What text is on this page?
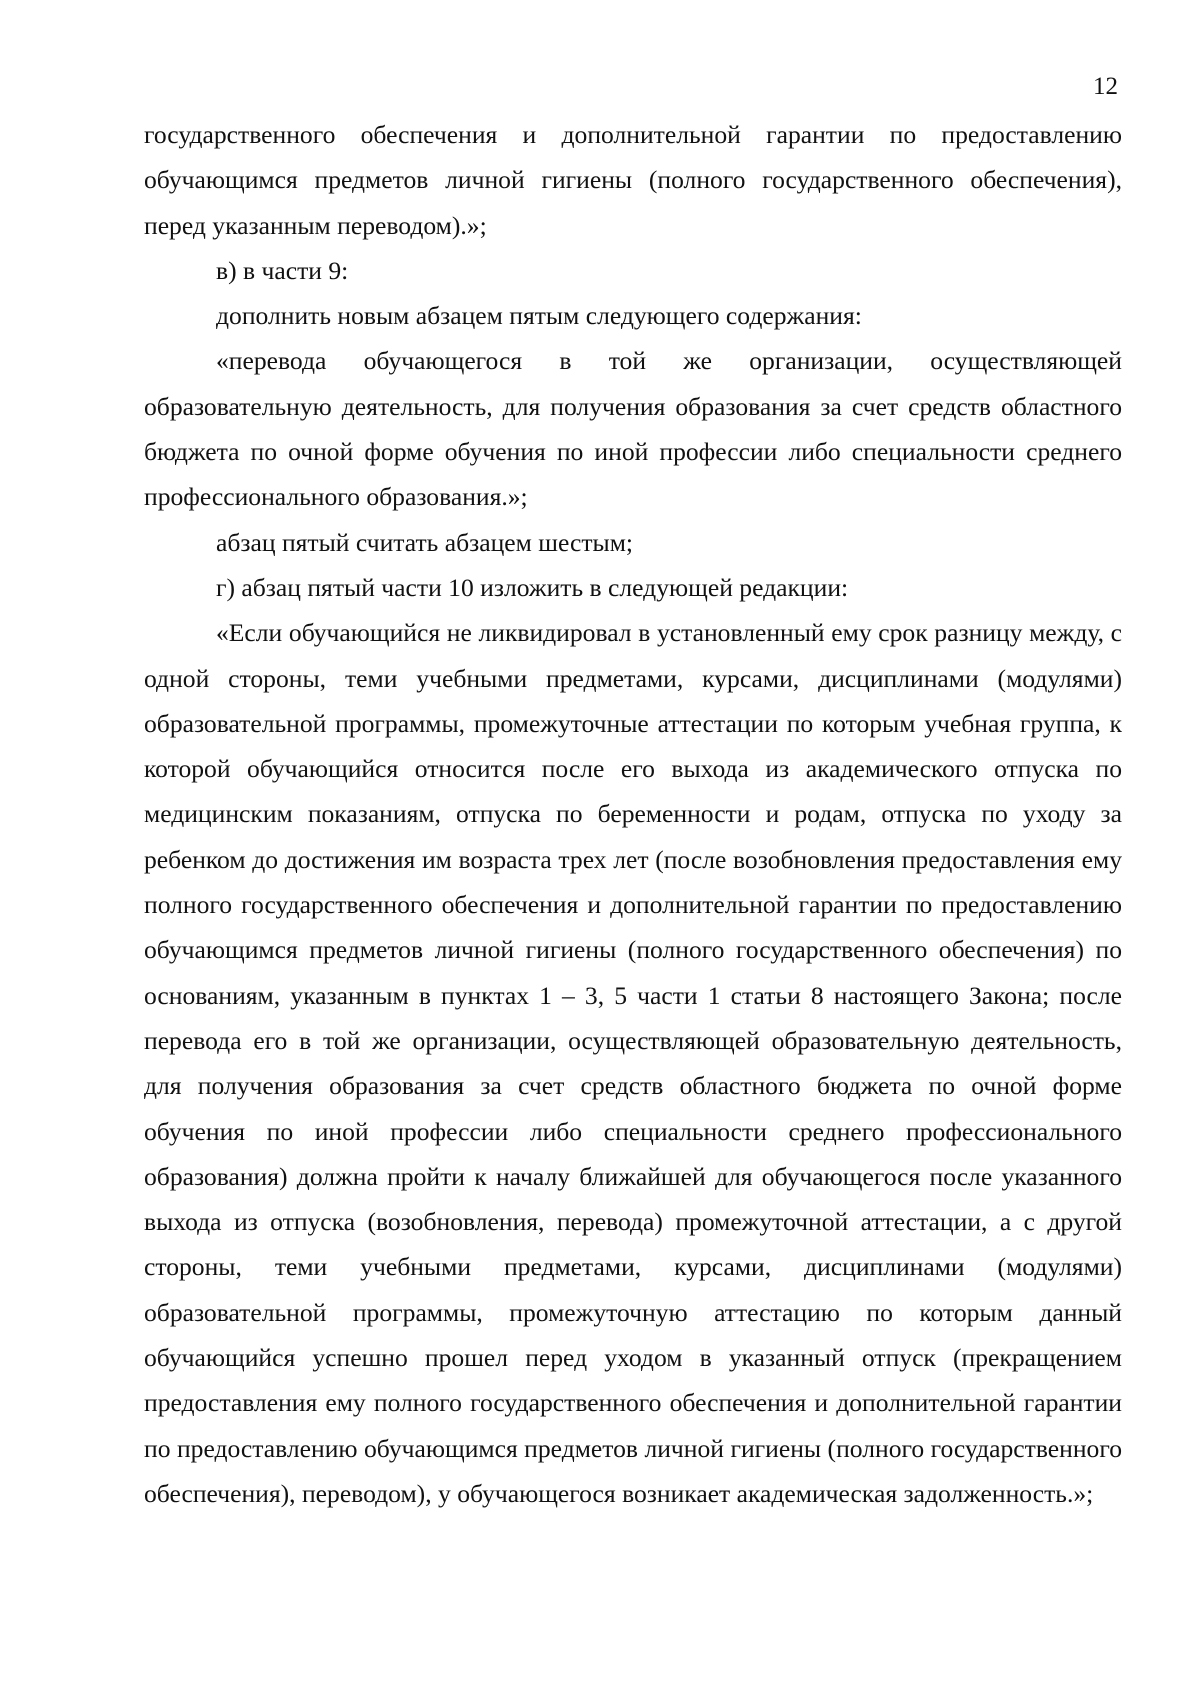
12

государственного обеспечения и дополнительной гарантии по предоставлению обучающимся предметов личной гигиены (полного государственного обеспечения), перед указанным переводом).»;

в) в части 9:

дополнить новым абзацем пятым следующего содержания:

«перевода обучающегося в той же организации, осуществляющей образовательную деятельность, для получения образования за счет средств областного бюджета по очной форме обучения по иной профессии либо специальности среднего профессионального образования.»;

абзац пятый считать абзацем шестым;

г) абзац пятый части 10 изложить в следующей редакции:

«Если обучающийся не ликвидировал в установленный ему срок разницу между, с одной стороны, теми учебными предметами, курсами, дисциплинами (модулями) образовательной программы, промежуточные аттестации по которым учебная группа, к которой обучающийся относится после его выхода из академического отпуска по медицинским показаниям, отпуска по беременности и родам, отпуска по уходу за ребенком до достижения им возраста трех лет (после возобновления предоставления ему полного государственного обеспечения и дополнительной гарантии по предоставлению обучающимся предметов личной гигиены (полного государственного обеспечения) по основаниям, указанным в пунктах 1 – 3, 5 части 1 статьи 8 настоящего Закона; после перевода его в той же организации, осуществляющей образовательную деятельность, для получения образования за счет средств областного бюджета по очной форме обучения по иной профессии либо специальности среднего профессионального образования) должна пройти к началу ближайшей для обучающегося после указанного выхода из отпуска (возобновления, перевода) промежуточной аттестации, а с другой стороны, теми учебными предметами, курсами, дисциплинами (модулями) образовательной программы, промежуточную аттестацию по которым данный обучающийся успешно прошел перед уходом в указанный отпуск (прекращением предоставления ему полного государственного обеспечения и дополнительной гарантии по предоставлению обучающимся предметов личной гигиены (полного государственного обеспечения), переводом), у обучающегося возникает академическая задолженность.»;
